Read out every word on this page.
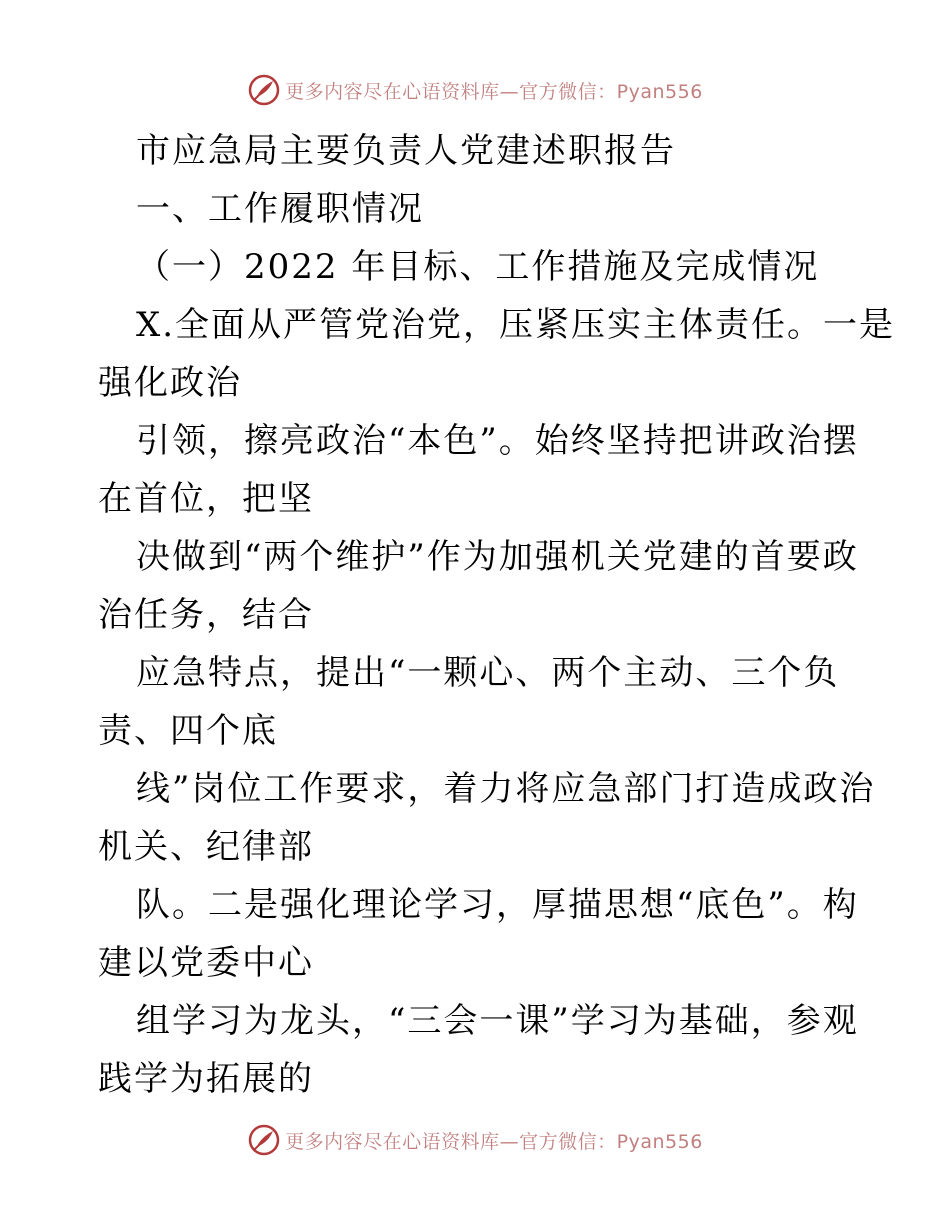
更多内容尽在心语资料库—官方微信：Pyan556
市应急局主要负责人党建述职报告
一、工作履职情况
（一）2022 年目标、工作措施及完成情况
X.全面从严管党治党，压紧压实主体责任。一是
强化政治
引领，擦亮政治“本色”。始终坚持把讲政治摆
在首位，把坚
决做到“两个维护”作为加强机关党建的首要政
治任务，结合
应急特点，提出“一颗心、两个主动、三个负
责、四个底
线”岗位工作要求，着力将应急部门打造成政治
机关、纪律部
队。二是强化理论学习，厚描思想“底色”。构
建以党委中心
组学习为龙头，“三会一课”学习为基础，参观
践学为拓展的
更多内容尽在心语资料库—官方微信：Pyan556
